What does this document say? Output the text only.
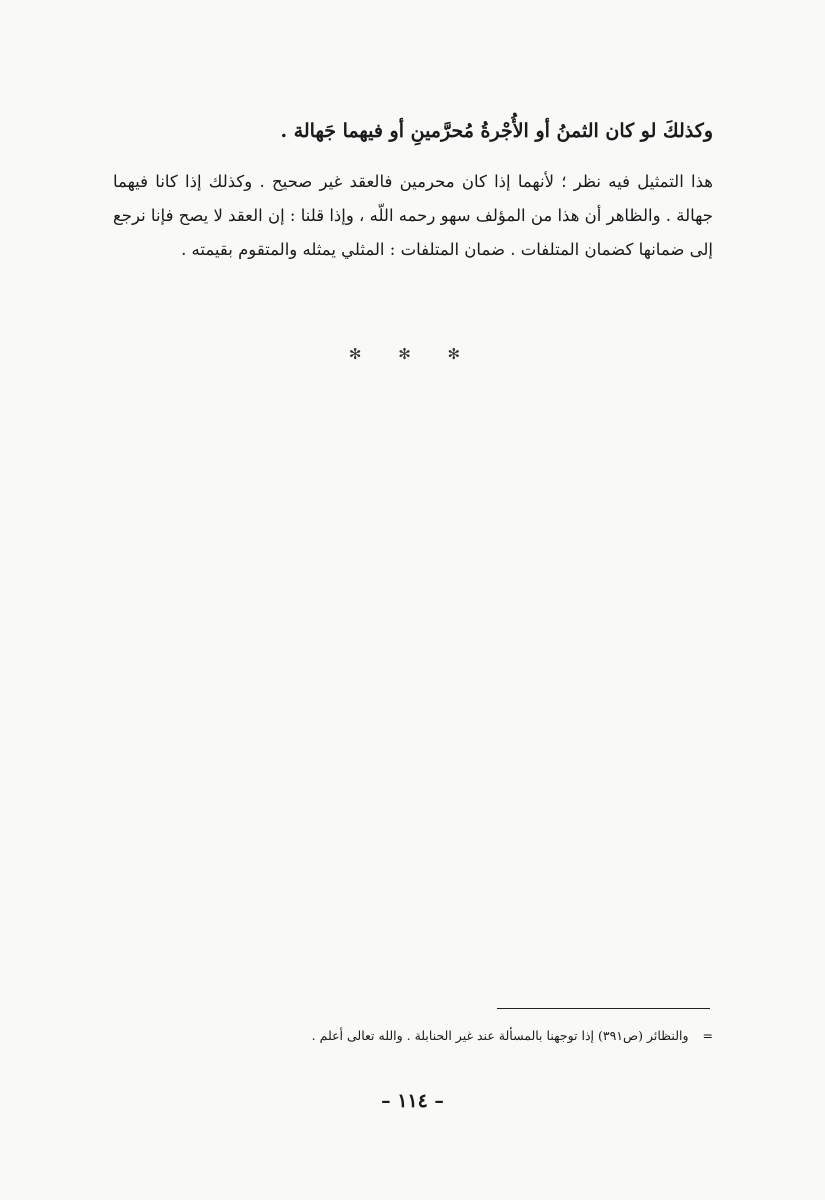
وكذلكَ لو كان الثمنُ أو الأُجْرةُ مُحرَّمينِ أو فيهما جَهالة .
هذا التمثيل فيه نظر ؛ لأنهما إذا كان محرمين فالعقد غير صحيح . وكذلك إذا كانا فيهما جهالة . والظاهر أن هذا من المؤلف سهو رحمه اللّه ، وإذا قلنا : إن العقد لا يصح فإنا نرجع إلى ضمانها كضمان المتلفات . ضمان المتلفات : المثلي يمثله والمتقوم بقيمته .
✻ ✻ ✻
=والنظائر (ص٣٩١) إذا توجهنا بالمسألة عند غير الحنابلة . والله تعالى أعلم .
– ١١٤ –
